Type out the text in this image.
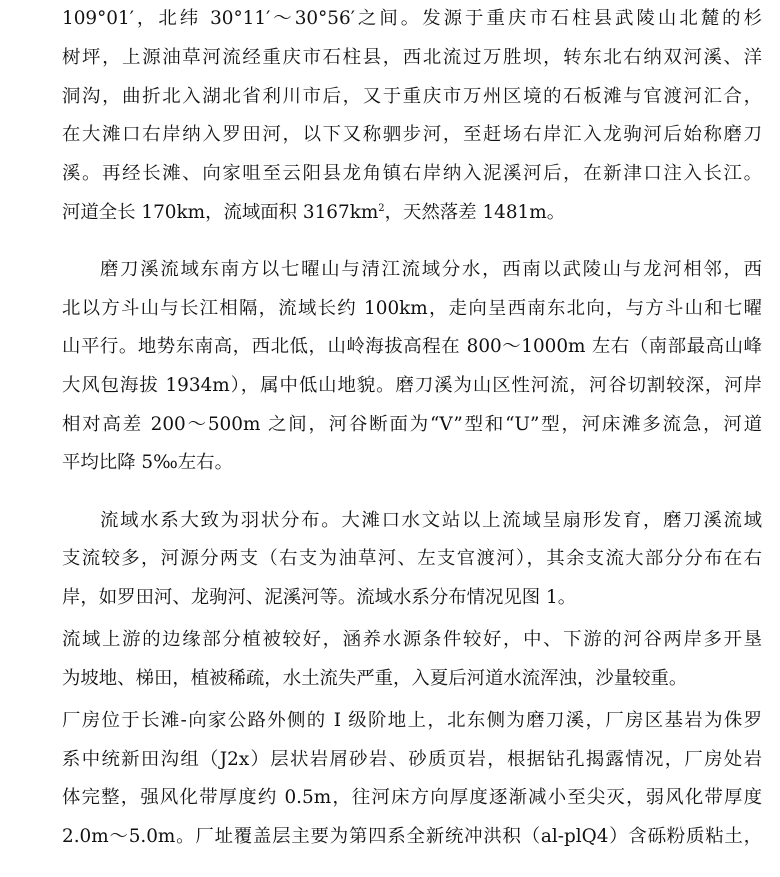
109°01′，北纬 30°11′～30°56′之间。发源于重庆市石柱县武陵山北麓的杉
树坪，上源油草河流经重庆市石柱县，西北流过万胜坝，转东北右纳双河溪、洋
洞沟，曲折北入湖北省利川市后，又于重庆市万州区境的石板滩与官渡河汇合，
在大滩口右岸纳入罗田河，以下又称驷步河，至赶场右岸汇入龙驹河后始称磨刀
溪。再经长滩、向家咀至云阳县龙角镇右岸纳入泥溪河后，在新津口注入长江。
河道全长 170km，流域面积 $3167km^2$，天然落差 1481m。
磨刀溪流域东南方以七曜山与清江流域分水，西南以武陵山与龙河相邻，西
北以方斗山与长江相隔，流域长约 100km，走向呈西南东北向，与方斗山和七曜
山平行。地势东南高，西北低，山岭海拔高程在 800～1000m 左右（南部最高山峰
大风包海拔 1934m），属中低山地貌。磨刀溪为山区性河流，河谷切割较深，河岸
相对高差 200～500m 之间，河谷断面为“V”型和“U”型，河床滩多流急，河道
平均比降 5‰左右。
流域水系大致为羽状分布。大滩口水文站以上流域呈扇形发育，磨刀溪流域
支流较多，河源分两支（右支为油草河、左支官渡河），其余支流大部分分布在右
岸，如罗田河、龙驹河、泥溪河等。流域水系分布情况见图 1。
流域上游的边缘部分植被较好，涵养水源条件较好，中、下游的河谷两岸多开垦
为坡地、梯田，植被稀疏，水土流失严重，入夏后河道水流浑浊，沙量较重。
厂房位于长滩-向家公路外侧的 I 级阶地上，北东侧为磨刀溪，厂房区基岩为侏罗
系中统新田沟组（J2x）层状岩屑砂岩、砂质页岩，根据钻孔揭露情况，厂房处岩
体完整，强风化带厚度约 0.5m，往河床方向厚度逐渐减小至尖灭，弱风化带厚度
2.0m～5.0m。厂址覆盖层主要为第四系全新统冲洪积（al-plQ4）含砾粉质粘土，
